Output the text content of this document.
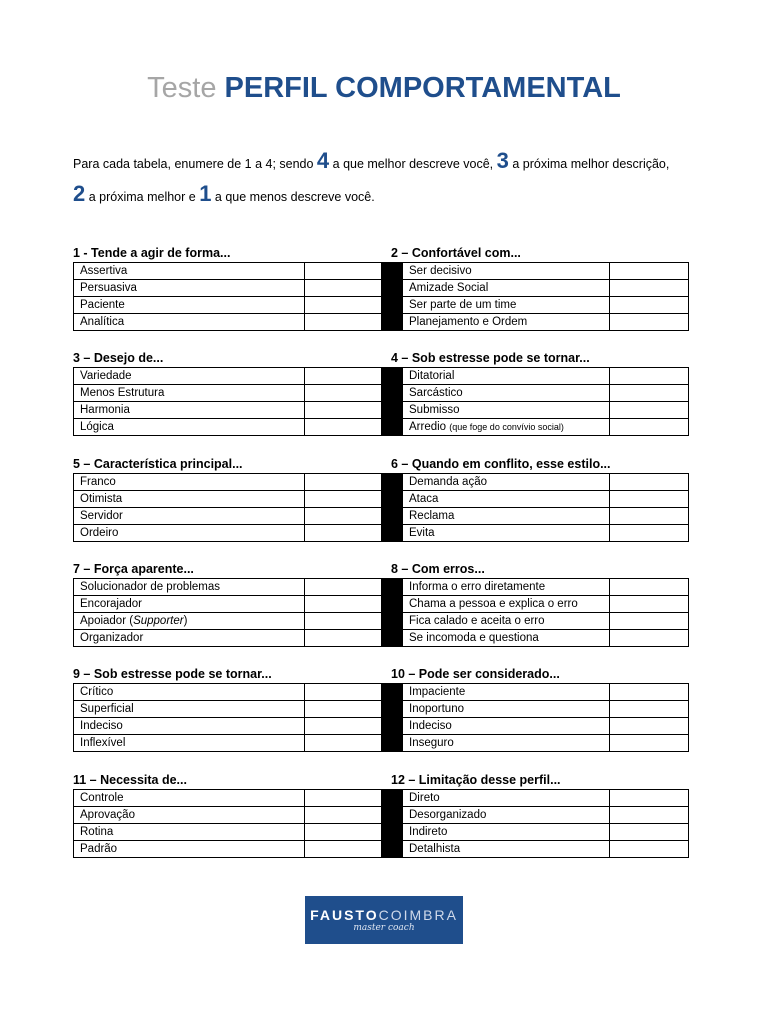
Teste PERFIL COMPORTAMENTAL
Para cada tabela, enumere de 1 a 4; sendo 4 a que melhor descreve você, 3 a próxima melhor descrição,
2 a próxima melhor e 1 a que menos descreve você.
1 - Tende a agir de forma...	2 – Confortável com...
Assertiva			Ser decisivo	
Persuasiva			Amizade Social	
Paciente			Ser parte de um time	
Analítica			Planejamento e Ordem	
3 – Desejo de...	4 – Sob estresse pode se tornar...
Variedade			Ditatorial	
Menos Estrutura			Sarcástico	
Harmonia			Submisso	
Lógica			Arredio (que foge do convívio social)	
5 – Característica principal...	6 – Quando em conflito, esse estilo...
Franco			Demanda ação	
Otimista			Ataca	
Servidor			Reclama	
Ordeiro			Evita	
7 – Força aparente...	8 – Com erros...
Solucionador de problemas			Informa o erro diretamente	
Encorajador			Chama a pessoa e explica o erro	
Apoiador (Supporter)			Fica calado e aceita o erro	
Organizador			Se incomoda e questiona	
9 – Sob estresse pode se tornar...	10 – Pode ser considerado...
Crítico			Impaciente	
Superficial			Inoportuno	
Indeciso			Indeciso	
Inflexível			Inseguro	
11 – Necessita de...	12 – Limitação desse perfil...
Controle			Direto	
Aprovação			Desorganizado	
Rotina			Indireto	
Padrão			Detalhista	
FAUSTOCOIMBRA
master coach
